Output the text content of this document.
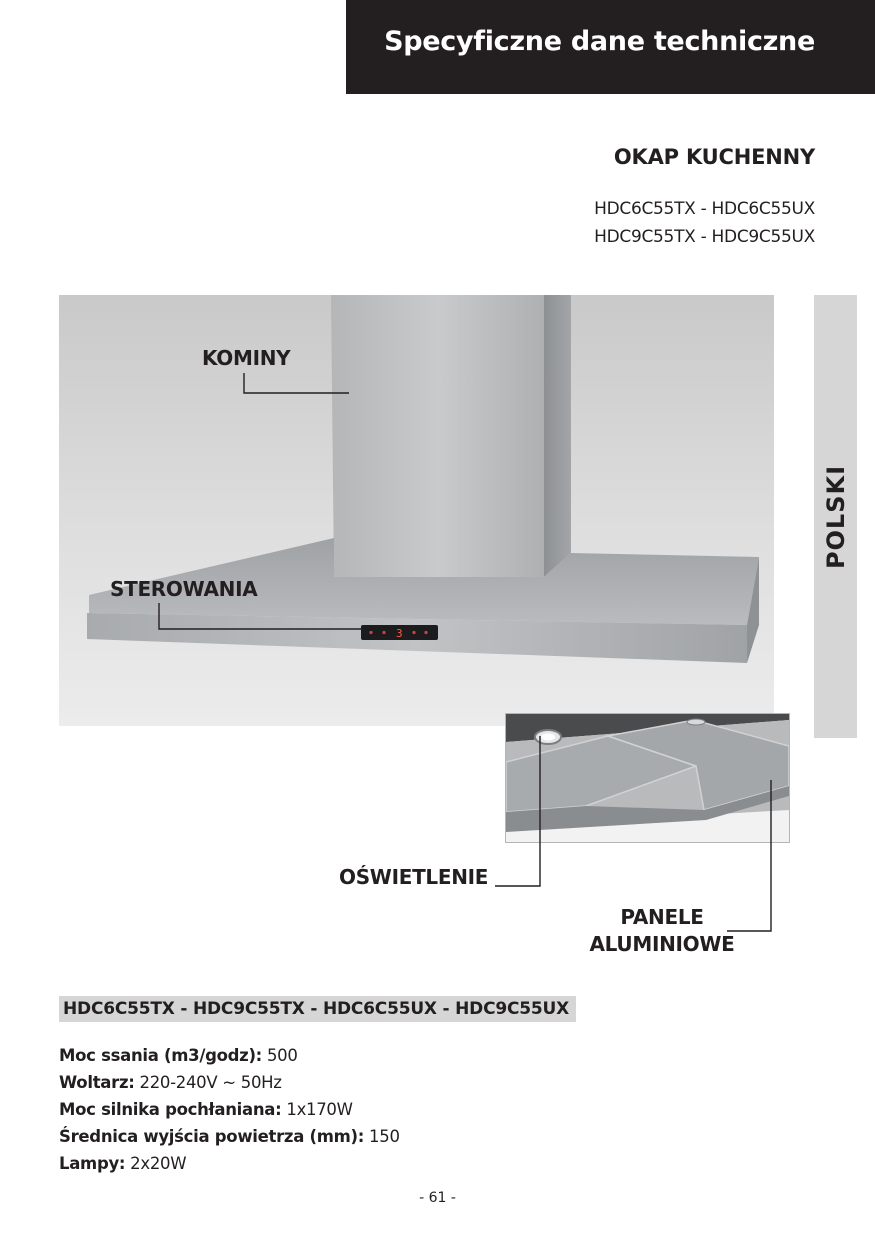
Specyficzne dane techniczne
OKAP KUCHENNY
HDC6C55TX - HDC6C55UX
HDC9C55TX - HDC9C55UX
3
POLSKI
KOMINY
STEROWANIA
OŚWIETLENIE
PANELE
ALUMINIOWE
HDC6C55TX - HDC9C55TX - HDC6C55UX - HDC9C55UX
Moc ssania (m3/godz): 500
Woltarz: 220-240V ~ 50Hz
Moc silnika pochłaniana: 1x170W
Średnica wyjścia powietrza (mm): 150
Lampy: 2x20W
- 61 -
